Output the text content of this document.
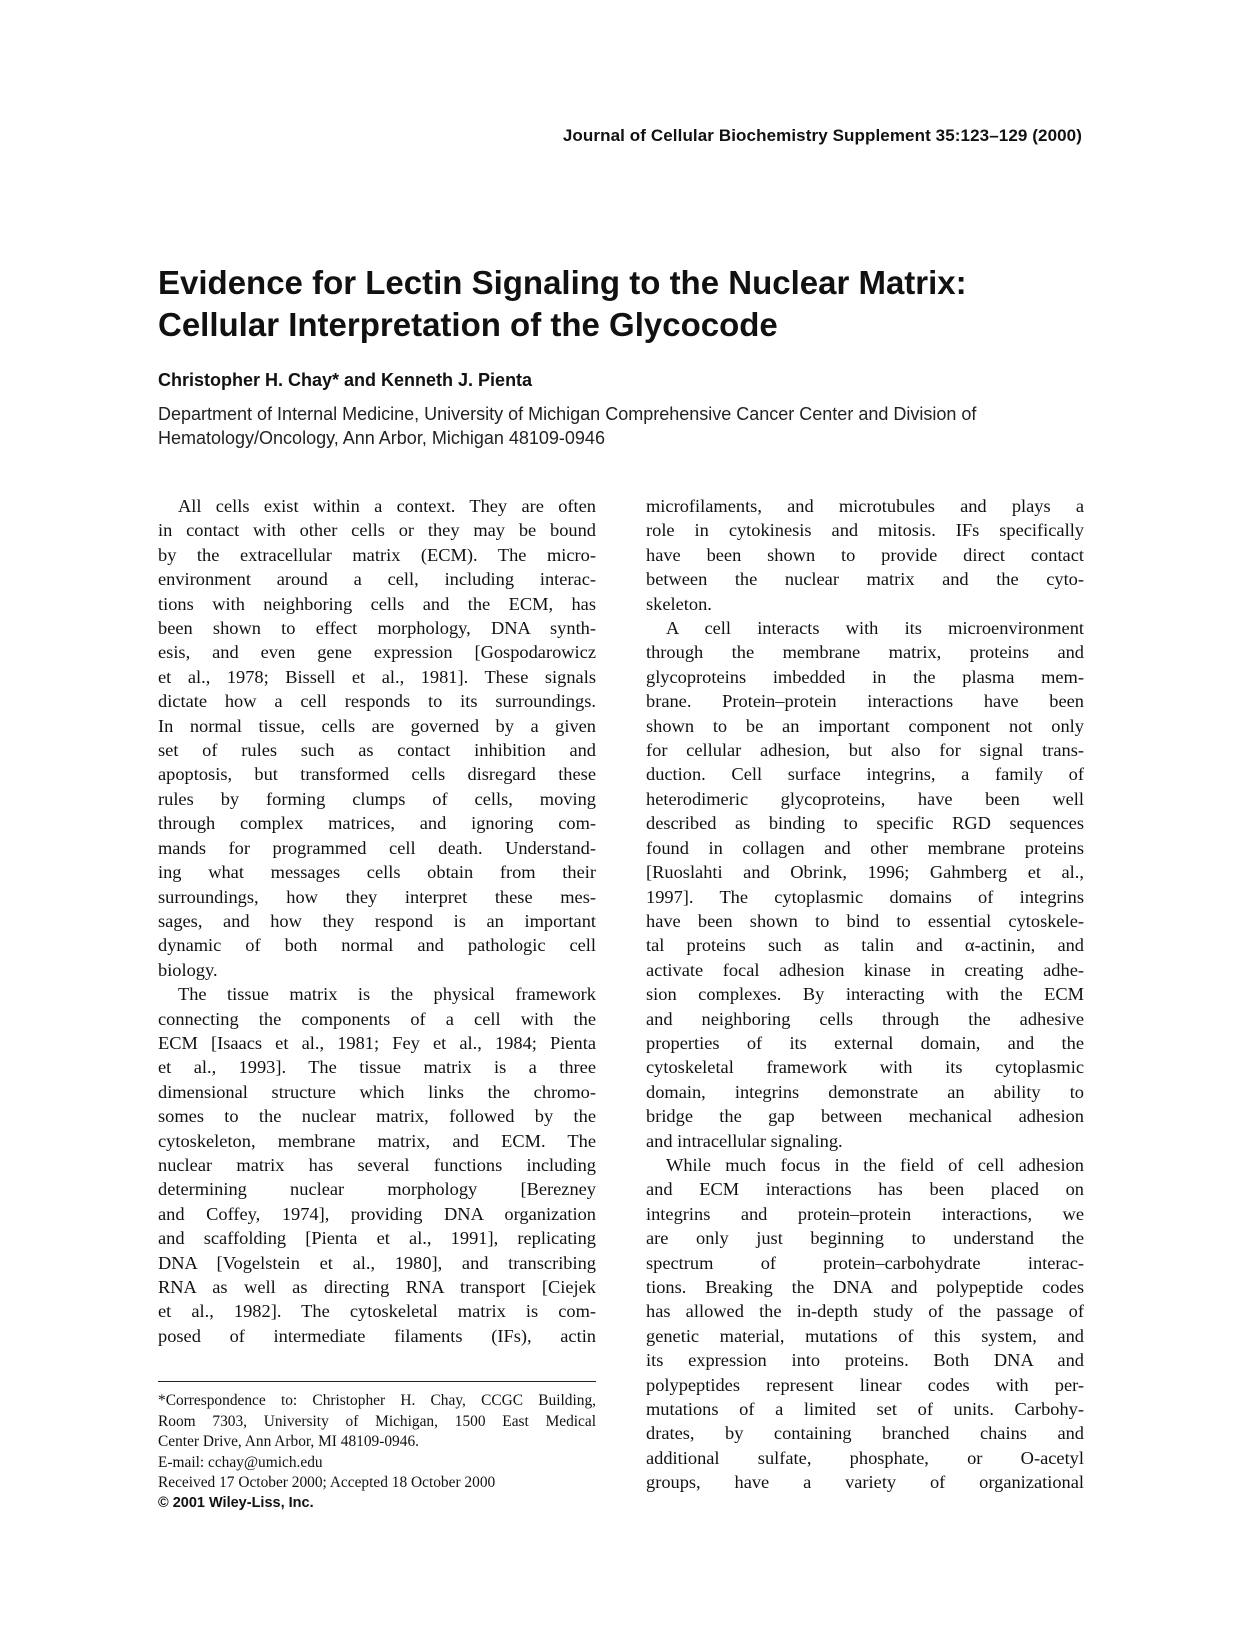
Journal of Cellular Biochemistry Supplement 35:123–129 (2000)
Evidence for Lectin Signaling to the Nuclear Matrix:
Cellular Interpretation of the Glycocode
Christopher H. Chay* and Kenneth J. Pienta
Department of Internal Medicine, University of Michigan Comprehensive Cancer Center and Division of
Hematology/Oncology, Ann Arbor, Michigan 48109-0946
All cells exist within a context. They are often
in contact with other cells or they may be bound
by the extracellular matrix (ECM). The micro-
environment around a cell, including interac-
tions with neighboring cells and the ECM, has
been shown to effect morphology, DNA synth-
esis, and even gene expression [Gospodarowicz
et al., 1978; Bissell et al., 1981]. These signals
dictate how a cell responds to its surroundings.
In normal tissue, cells are governed by a given
set of rules such as contact inhibition and
apoptosis, but transformed cells disregard these
rules by forming clumps of cells, moving
through complex matrices, and ignoring com-
mands for programmed cell death. Understand-
ing what messages cells obtain from their
surroundings, how they interpret these mes-
sages, and how they respond is an important
dynamic of both normal and pathologic cell
biology.
The tissue matrix is the physical framework
connecting the components of a cell with the
ECM [Isaacs et al., 1981; Fey et al., 1984; Pienta
et al., 1993]. The tissue matrix is a three
dimensional structure which links the chromo-
somes to the nuclear matrix, followed by the
cytoskeleton, membrane matrix, and ECM. The
nuclear matrix has several functions including
determining nuclear morphology [Berezney
and Coffey, 1974], providing DNA organization
and scaffolding [Pienta et al., 1991], replicating
DNA [Vogelstein et al., 1980], and transcribing
RNA as well as directing RNA transport [Ciejek
et al., 1982]. The cytoskeletal matrix is com-
posed of intermediate filaments (IFs), actin
microfilaments, and microtubules and plays a
role in cytokinesis and mitosis. IFs specifically
have been shown to provide direct contact
between the nuclear matrix and the cyto-
skeleton.
A cell interacts with its microenvironment
through the membrane matrix, proteins and
glycoproteins imbedded in the plasma mem-
brane. Protein–protein interactions have been
shown to be an important component not only
for cellular adhesion, but also for signal trans-
duction. Cell surface integrins, a family of
heterodimeric glycoproteins, have been well
described as binding to specific RGD sequences
found in collagen and other membrane proteins
[Ruoslahti and Obrink, 1996; Gahmberg et al.,
1997]. The cytoplasmic domains of integrins
have been shown to bind to essential cytoskele-
tal proteins such as talin and α-actinin, and
activate focal adhesion kinase in creating adhe-
sion complexes. By interacting with the ECM
and neighboring cells through the adhesive
properties of its external domain, and the
cytoskeletal framework with its cytoplasmic
domain, integrins demonstrate an ability to
bridge the gap between mechanical adhesion
and intracellular signaling.
While much focus in the field of cell adhesion
and ECM interactions has been placed on
integrins and protein–protein interactions, we
are only just beginning to understand the
spectrum of protein–carbohydrate interac-
tions. Breaking the DNA and polypeptide codes
has allowed the in-depth study of the passage of
genetic material, mutations of this system, and
its expression into proteins. Both DNA and
polypeptides represent linear codes with per-
mutations of a limited set of units. Carbohy-
drates, by containing branched chains and
additional sulfate, phosphate, or O-acetyl
groups, have a variety of organizational
*Correspondence to: Christopher H. Chay, CCGC Building,
Room 7303, University of Michigan, 1500 East Medical
Center Drive, Ann Arbor, MI 48109-0946.
E-mail: cchay@umich.edu
Received 17 October 2000; Accepted 18 October 2000
© 2001 Wiley-Liss, Inc.
